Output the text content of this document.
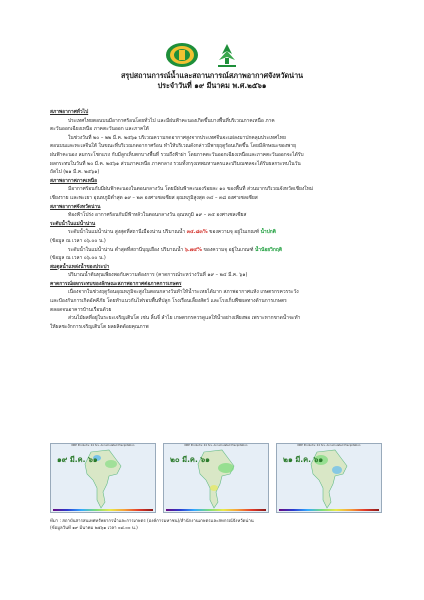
สรุปสถานการณ์น้ำและสถานการณ์สภาพอากาศจังหวัดน่าน
ประจำวันที่ ๑๙ มีนาคม พ.ศ.๒๕๖๑
สภาพอากาศทั่วไป
ประเทศไทยตอนบนมีอากาศร้อนโดยทั่วไป และมีฝนฟ้าคะนองเกิดขึ้นบางพื้นที่บริเวณภาคเหนือ ภาค
ตะวันออกเฉียงเหนือ ภาคตะวันออก และภาคใต้
ในช่วงวันที่ ๒๐ – ๒๒ มี.ค. ๒๕๖๑ บริเวณความกดอากาศสูงจากประเทศจีนจะแผ่ลงมาปกคลุมประเทศไทย
ตอนบนและทะเลจีนใต้ ในขณะที่บริเวณกดอากาศร้อน ทำให้บริเวณดังกล่าวมีพายุฤดูร้อนเกิดขึ้น โดยมีลักษณะของพายุ
ฝนฟ้าคะนอง ลมกระโชกแรง กับมีลูกเห็บตกบางพื้นที่ รวมถึงฟ้าผ่า โดยภาคตะวันออกเฉียงเหนือและภาคตะวันออกจะได้รับ
ผลกระทบในวันที่ ๒๐ มี.ค. ๒๕๖๑ ส่วนภาคเหนือ ภาคกลาง รวมทั้งกรุงเทพมหานครและปริมณฑลจะได้รับผลกระทบในวัน
ถัดไป (๒๑ มี.ค. ๒๕๖๑)
สภาพอากาศภาคเหนือ
มีอากาศร้อนกับมีฝนฟ้าคะนองในตอนกลางวัน โดยมีฝนฟ้าคะนองร้อยละ ๑๐ ของพื้นที่ ส่วนมากบริเวณจังหวัดเชียงใหม่
เชียงราย และพะเยา อุณหภูมิต่ำสุด ๑๙ – ๒๓ องศาเซลเซียส อุณหภูมิสูงสุด ๓๔ – ๓๘ องศาเซลเซียส
สภาพอากาศจังหวัดน่าน
ท้องฟ้าโปร่ง อากาศร้อนกับมีฟ้าหลัวในตอนกลางวัน อุณหภูมิ ๑๙ – ๓๕ องศาเซลเซียส
ระดับน้ำในแม่น้ำน่าน
ระดับน้ำในแม่น้ำน่าน สูงสุดที่สถานีเมืองน่าน ปริมาณน้ำ ๓๔.๘๓% ของความจุ อยู่ในเกณฑ์ น้ำปกติ
(ข้อมูล ณ เวลา ๐๖.๐๐ น.)
ระดับน้ำในแม่น้ำน่าน ต่ำสุดที่สถานีบุญเยือง ปริมาณน้ำ ๖.๗๔% ของความจุ อยู่ในเกณฑ์ น้ำน้อยวิกฤติ
(ข้อมูล ณ เวลา ๐๖.๐๐ น.)
สมดุลน้ำแหล่งน้ำของประปา
ปริมาณน้ำต้นทุนเพียงพอกับความต้องการ (คาดการณ์ระหว่างวันที่ ๑๙ – ๒๔ มี.ค. ๖๑)
คาดการณ์ผลกระทบของลักษณะสภาพอากาศต่อภาคการเกษตร
เนื่องจากในช่วงฤดูร้อนอุณหภูมิจะสูงในตอนกลางวันทำให้น้ำระเหยได้มาก สภาพอากาศแห้ง เกษตรกรควรระวัง
และป้องกันการเกิดอัคคีภัย โดยทำแนวกันไฟรอบพื้นที่ปลูก โรงเรือนเลี้ยงสัตว์ และโรงเก็บพืชผลทางด้านการเกษตร
ตลอดจนอาคารบ้านเรือนด้วย
ส่วนไม้ผลที่อยู่ในระยะเจริญเติบโต เช่น ลิ้นจี่ ลำไย เกษตรกรควรดูแลให้น้ำอย่างเพียงพอ เพราะหากขาดน้ำจะทำ
ให้ผลชะงักการเจริญเติบโต ผลผลิตด้อยคุณภาพ
NRE Products: 24 hrs. Accumulated Precipitation
๑๙ มี.ค. ๖๑
NRE Products: 24 hrs. Accumulated Precipitation
๒๐ มี.ค. ๖๑
NRE Products: 24 hrs. Accumulated Precipitation
๒๑ มี.ค. ๖๑
ที่มา : สถาบันสารสนเทศทรัพยากรน้ำและการเกษตร (องค์การมหาชน)/สำนักงานเกษตรและสหกรณ์จังหวัดน่าน
(ข้อมูลวันที่ ๑๙ มีนาคม ๒๕๖๑ เวลา ๐๘.๐๐ น.)
